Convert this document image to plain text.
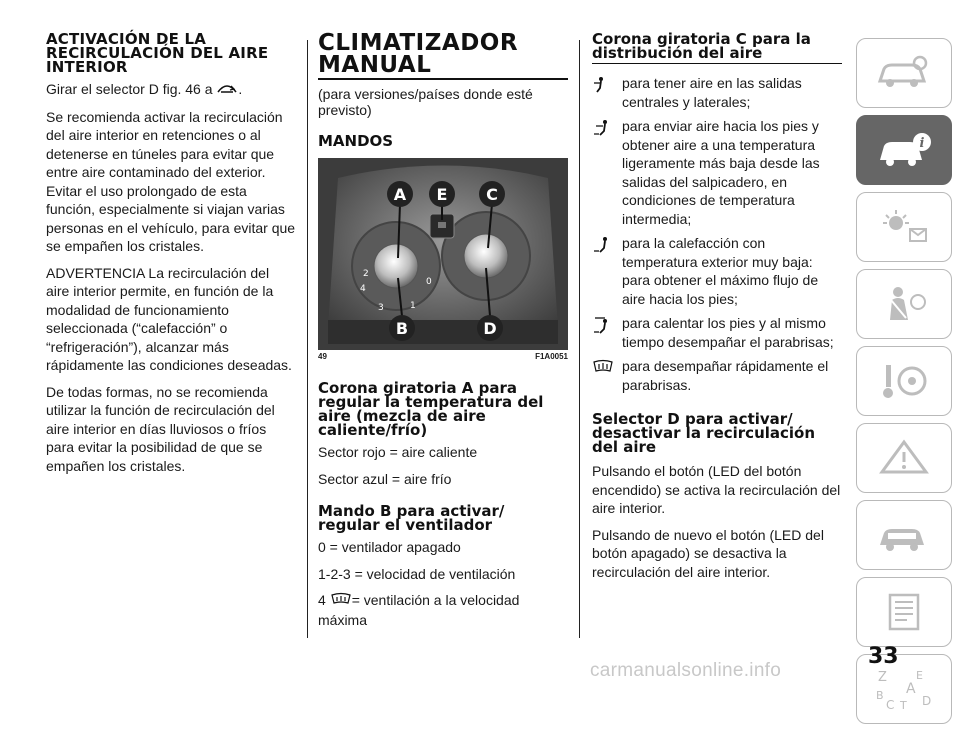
ACTIVACIÓN DE LA RECIRCULACIÓN DEL AIRE INTERIOR

Girar el selector D fig. 46 a .

Se recomienda activar la recirculación del aire interior en retenciones o al detenerse en túneles para evitar que entre aire contaminado del exterior. Evitar el uso prolongado de esta función, especialmente si viajan varias personas en el vehículo, para evitar que se empañen los cristales.

ADVERTENCIA La recirculación del aire interior permite, en función de la modalidad de funcionamiento seleccionada (“calefacción” o “refrigeración”), alcanzar más rápidamente las condiciones deseadas.

De todas formas, no se recomienda utilizar la función de recirculación del aire interior en días lluviosos o fríos para evitar la posibilidad de que se empañen los cristales.

CLIMATIZADOR MANUAL

(para versiones/países donde esté previsto)

MANDOS
4
3	1
2
0
A E C
B	D
49	F1A0051
Corona giratoria A para regular la temperatura del aire (mezcla de aire caliente/frío)

Sector rojo = aire caliente

Sector azul = aire frío

Mando B para activar/ regular el ventilador

0 = ventilador apagado

1-2-3 = velocidad de ventilación

4 = ventilación a la velocidad máxima

Corona giratoria C para la distribución del aire

para tener aire en las salidas centrales y laterales;

para enviar aire hacia los pies y obtener aire a una temperatura ligeramente más baja desde las salidas del salpicadero, en condiciones de temperatura intermedia;

para la calefacción con temperatura exterior muy baja: para obtener el máximo flujo de aire hacia los pies;

para calentar los pies y al mismo tiempo desempañar el parabrisas;

para desempañar rápidamente el parabrisas.

Selector D para activar/ desactivar la recirculación del aire

Pulsando el botón (LED del botón encendido) se activa la recirculación del aire interior.

Pulsando de nuevo el botón (LED del botón apagado) se desactiva la recirculación del aire interior.

i
Z	E
A
B
C T D
33
carmanualsonline.info
